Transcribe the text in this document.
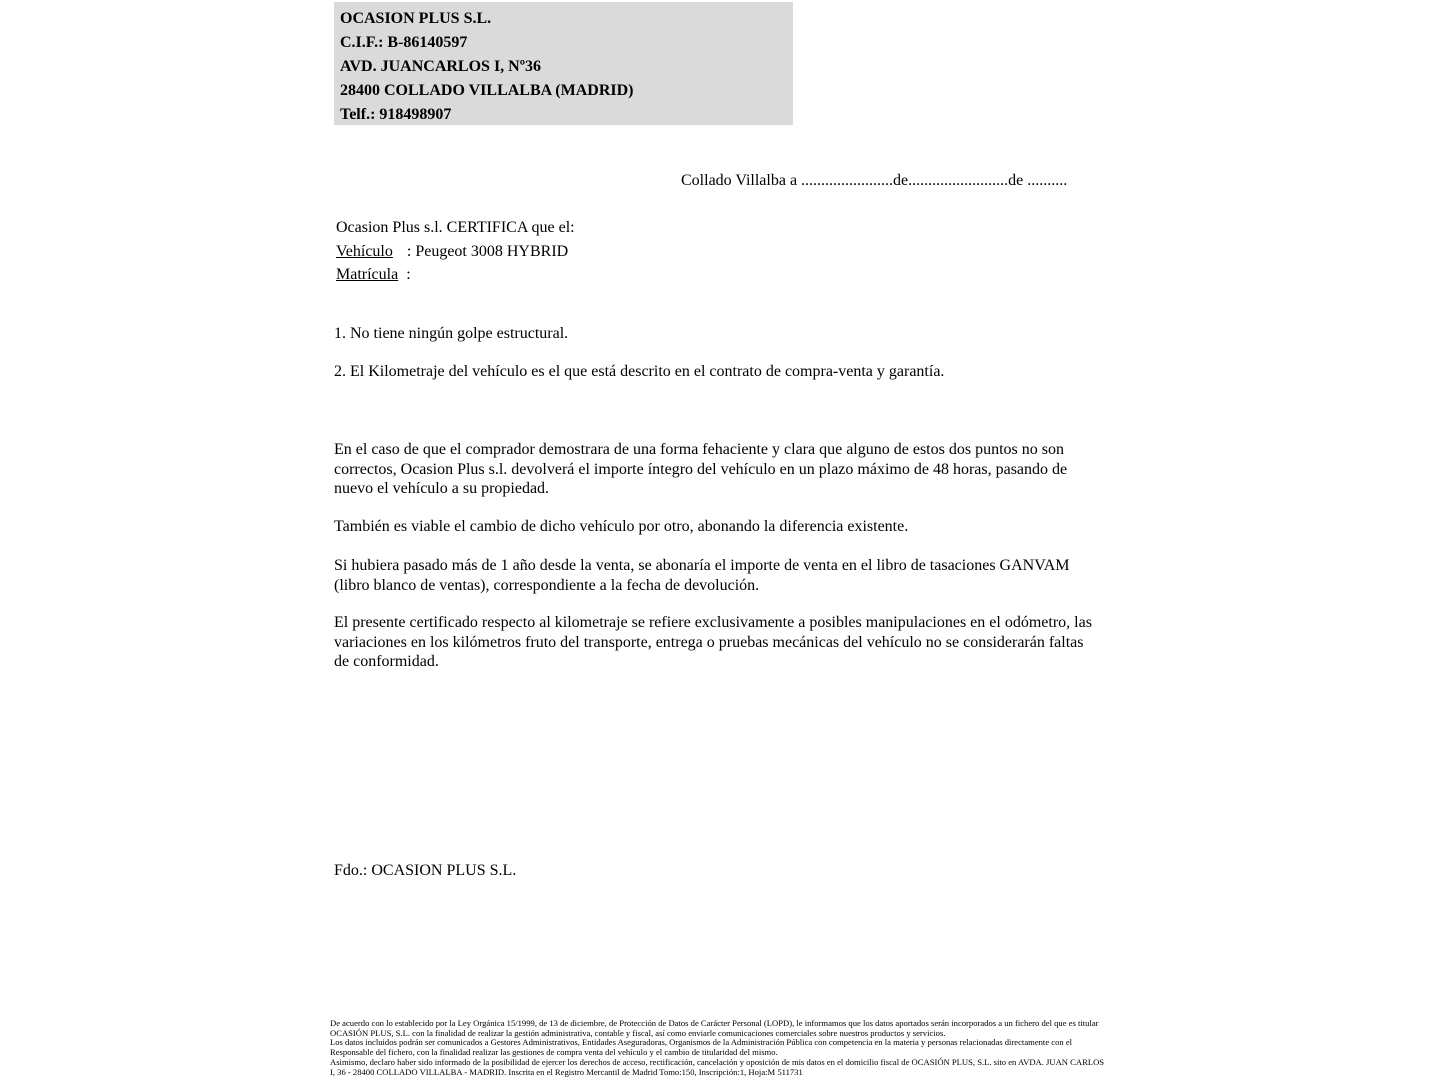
OCASION PLUS S.L.
C.I.F.: B-86140597
AVD. JUANCARLOS I, Nº36
28400 COLLADO VILLALBA (MADRID)
Telf.: 918498907
Collado Villalba a .......................de.........................de ..........
Ocasion Plus s.l. CERTIFICA que el:
Vehículo : Peugeot 3008 HYBRID
Matrícula :
1. No tiene ningún golpe estructural.
2. El Kilometraje del vehículo es el que está descrito en el contrato de compra-venta y garantía.
En el caso de que el comprador demostrara de una forma fehaciente y clara que alguno de estos dos puntos no son correctos, Ocasion Plus s.l. devolverá el importe íntegro del vehículo en un plazo máximo de 48 horas, pasando de nuevo el vehículo a su propiedad.
También es viable el cambio de dicho vehículo por otro, abonando la diferencia existente.
Si hubiera pasado más de 1 año desde la venta, se abonaría el importe de venta en el libro de tasaciones GANVAM (libro blanco de ventas), correspondiente a la fecha de devolución.
El presente certificado respecto al kilometraje se refiere exclusivamente a posibles manipulaciones en el odómetro, las variaciones en los kilómetros fruto del transporte, entrega o pruebas mecánicas del vehículo no se considerarán faltas de conformidad.
Fdo.: OCASION PLUS S.L.

De acuerdo con lo establecido por la Ley Orgánica 15/1999, de 13 de diciembre, de Protección de Datos de Carácter Personal (LOPD), le informamos que los datos aportados serán incorporados a un fichero del que es titular OCASIÓN PLUS, S.L. con la finalidad de realizar la gestión administrativa, contable y fiscal, así como enviarle comunicaciones comerciales sobre nuestros productos y servicios.

Los datos incluidos podrán ser comunicados a Gestores Administrativos, Entidades Aseguradoras, Organismos de la Administración Pública con competencia en la materia y personas relacionadas directamente con el Responsable del fichero, con la finalidad realizar las gestiones de compra venta del vehículo y el cambio de titularidad del mismo.

Asimismo, declaro haber sido informado de la posibilidad de ejercer los derechos de acceso, rectificación, cancelación y oposición de mis datos en el domicilio fiscal de OCASIÓN PLUS, S.L. sito en AVDA. JUAN CARLOS I, 36 - 28400 COLLADO VILLALBA - MADRID. Inscrita en el Registro Mercantil de Madrid Tomo:150, Inscripción:1, Hoja:M 511731
